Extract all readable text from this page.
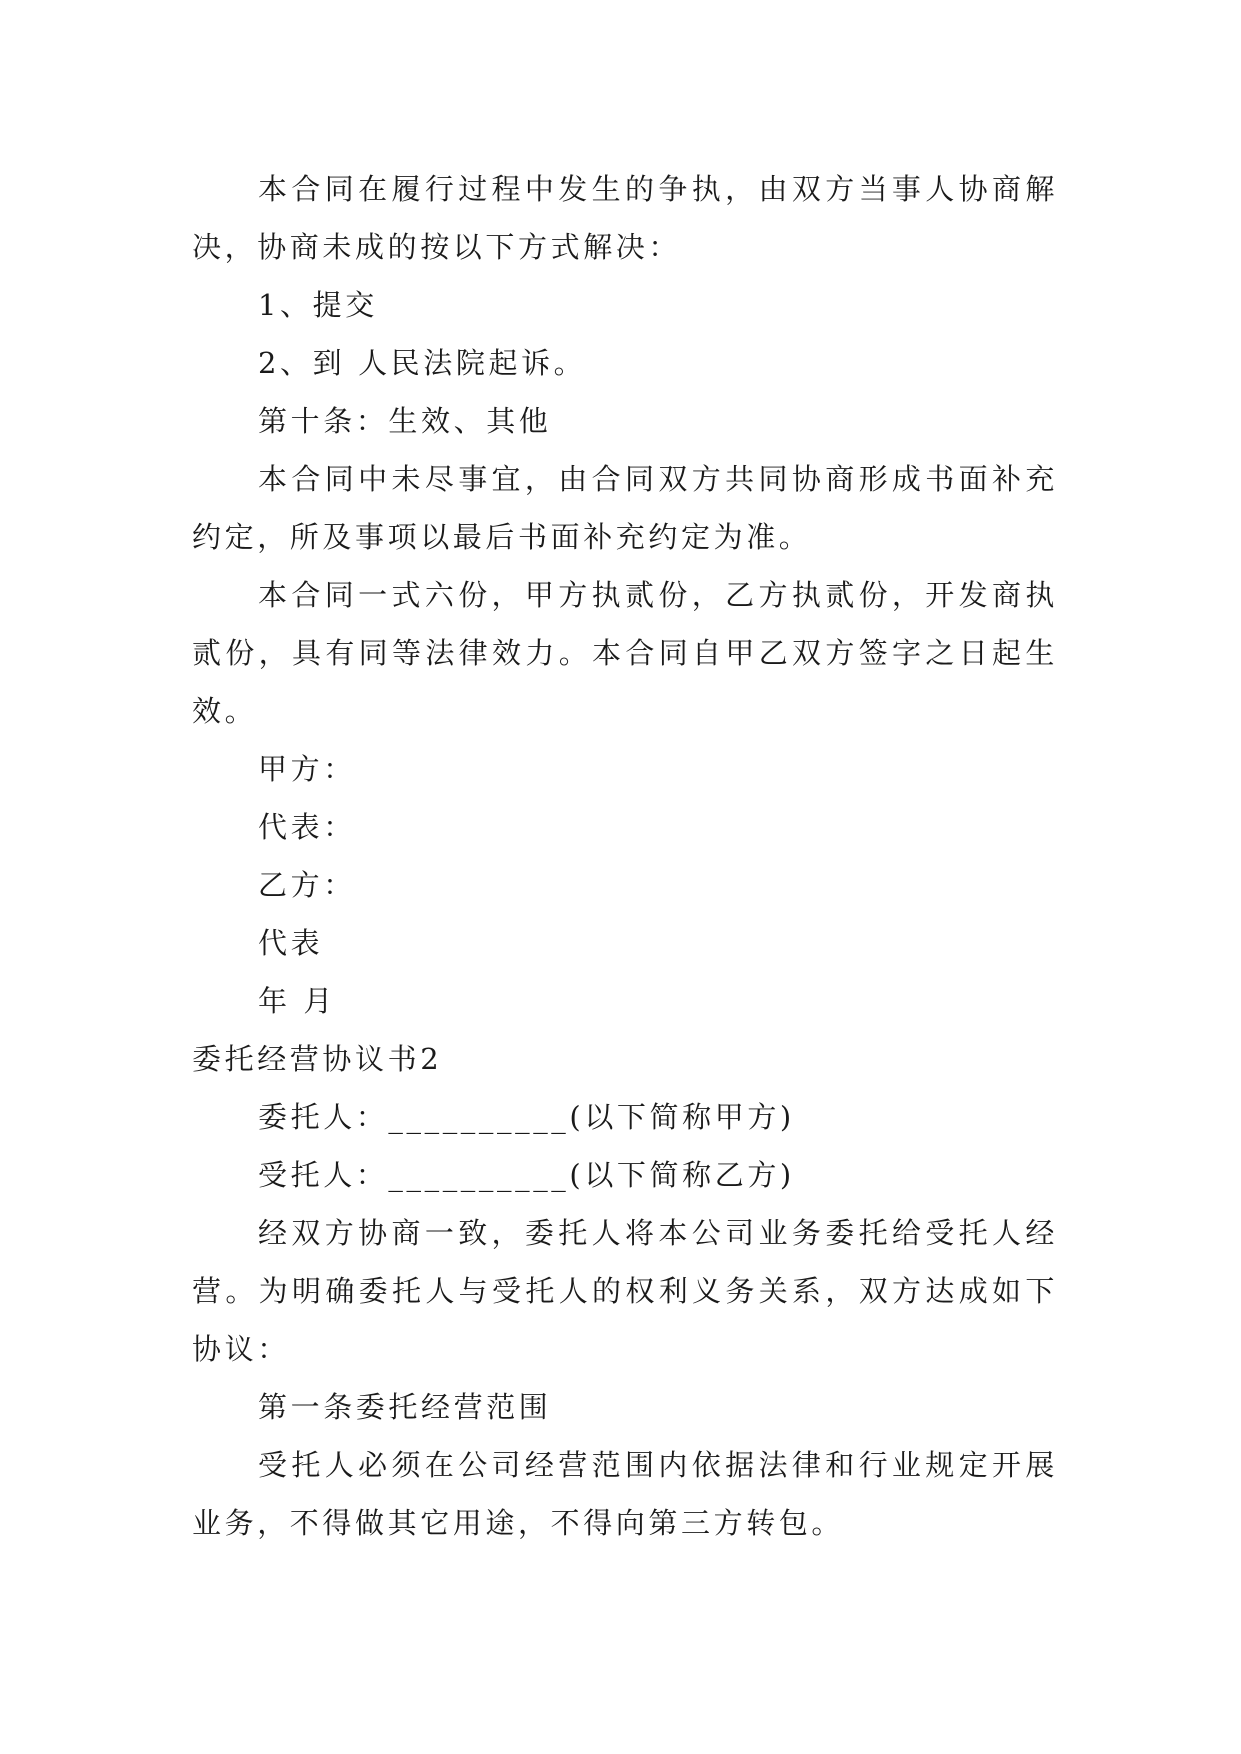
本合同在履行过程中发生的争执，由双方当事人协商解决，协商未成的按以下方式解决：

1、提交

2、到 人民法院起诉。

第十条：生效、其他

本合同中未尽事宜，由合同双方共同协商形成书面补充约定，所及事项以最后书面补充约定为准。

本合同一式六份，甲方执贰份，乙方执贰份，开发商执贰份，具有同等法律效力。本合同自甲乙双方签字之日起生效。

甲方：

代表：

乙方：

代表

年 月

委托经营协议书2

委托人：__________(以下简称甲方)

受托人：__________(以下简称乙方)

经双方协商一致，委托人将本公司业务委托给受托人经营。为明确委托人与受托人的权利义务关系，双方达成如下协议：

第一条委托经营范围

受托人必须在公司经营范围内依据法律和行业规定开展业务，不得做其它用途，不得向第三方转包。
